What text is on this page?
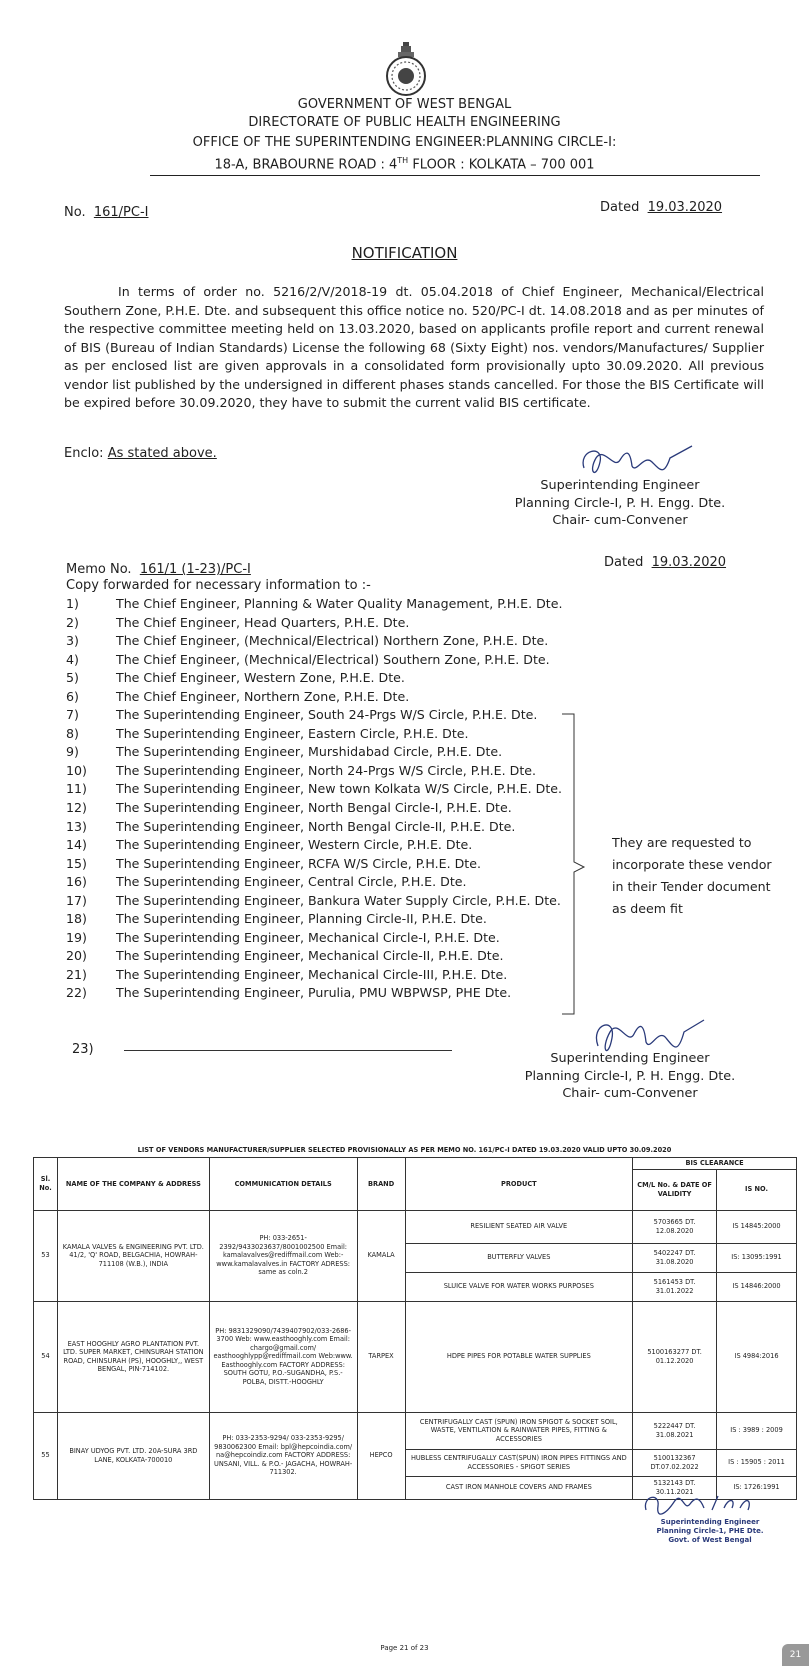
GOVERNMENT OF WEST BENGAL
DIRECTORATE OF PUBLIC HEALTH ENGINEERING
OFFICE OF THE SUPERINTENDING ENGINEER:PLANNING CIRCLE-I:
18-A, BRABOURNE ROAD : 4TH FLOOR : KOLKATA – 700 001
No. 161/PC-I	Dated 19.03.2020
NOTIFICATION
In terms of order no. 5216/2/V/2018-19 dt. 05.04.2018 of Chief Engineer, Mechanical/Electrical Southern Zone, P.H.E. Dte. and subsequent this office notice no. 520/PC-I dt. 14.08.2018 and as per minutes of the respective committee meeting held on 13.03.2020, based on applicants profile report and current renewal of BIS (Bureau of Indian Standards) License the following 68 (Sixty Eight) nos. vendors/Manufactures/ Supplier as per enclosed list are given approvals in a consolidated form provisionally upto 30.09.2020. All previous vendor list published by the undersigned in different phases stands cancelled. For those the BIS Certificate will be expired before 30.09.2020, they have to submit the current valid BIS certificate.
Enclo: As stated above.
Superintending Engineer
Planning Circle-I, P. H. Engg. Dte.
Chair- cum-Convener
Memo No. 161/1 (1-23)/PC-I	Dated 19.03.2020
Copy forwarded for necessary information to :-
1)	The Chief Engineer, Planning & Water Quality Management, P.H.E. Dte.
2)	The Chief Engineer, Head Quarters, P.H.E. Dte.
3)	The Chief Engineer, (Mechnical/Electrical) Northern Zone, P.H.E. Dte.
4)	The Chief Engineer, (Mechnical/Electrical) Southern Zone, P.H.E. Dte.
5)	The Chief Engineer, Western Zone, P.H.E. Dte.
6)	The Chief Engineer, Northern Zone, P.H.E. Dte.
7)	The Superintending Engineer, South 24-Prgs W/S Circle, P.H.E. Dte.
8)	The Superintending Engineer, Eastern Circle, P.H.E. Dte.
9)	The Superintending Engineer, Murshidabad Circle, P.H.E. Dte.
10) The Superintending Engineer, North 24-Prgs W/S Circle, P.H.E. Dte.
11) The Superintending Engineer, New town Kolkata W/S Circle, P.H.E. Dte.
12) The Superintending Engineer, North Bengal Circle-I, P.H.E. Dte.
13) The Superintending Engineer, North Bengal Circle-II, P.H.E. Dte.
14) The Superintending Engineer, Western Circle, P.H.E. Dte.
15) The Superintending Engineer, RCFA W/S Circle, P.H.E. Dte.
16) The Superintending Engineer, Central Circle, P.H.E. Dte.
17) The Superintending Engineer, Bankura Water Supply Circle, P.H.E. Dte.
18) The Superintending Engineer, Planning Circle-II, P.H.E. Dte.
19) The Superintending Engineer, Mechanical Circle-I, P.H.E. Dte.
20) The Superintending Engineer, Mechanical Circle-II, P.H.E. Dte.
21) The Superintending Engineer, Mechanical Circle-III, P.H.E. Dte.
22) The Superintending Engineer, Purulia, PMU WBPWSP, PHE Dte.
They are requested to incorporate these vendor in their Tender document as deem fit
23)
Superintending Engineer
Planning Circle-I, P. H. Engg. Dte.
Chair- cum-Convener
LIST OF VENDORS MANUFACTURER/SUPPLIER SELECTED PROVISIONALLY AS PER MEMO NO. 161/PC-I DATED 19.03.2020 VALID UPTO 30.09.2020
Sl. No.	NAME OF THE COMPANY & ADDRESS	COMMUNICATION DETAILS	BRAND	PRODUCT	BIS CLEARANCE	
					CM/L No. & DATE OF VALIDITY	IS NO.
53	KAMALA VALVES & ENGINEERING PVT. LTD. 41/2, 'Q' ROAD, BELGACHIA, HOWRAH-711108 (W.B.), INDIA	PH: 033-2651-2392/9433023637/8001002500 Email: kamalavalves@rediffmail.com Web:- www.kamalavalves.in FACTORY ADRESS: same as coln.2	KAMALA	RESILIENT SEATED AIR VALVE	5703665 DT. 12.08.2020	IS 14845:2000
				BUTTERFLY VALVES	5402247 DT. 31.08.2020	IS: 13095:1991
				SLUICE VALVE FOR WATER WORKS PURPOSES	5161453 DT. 31.01.2022	IS 14846:2000
54	EAST HOOGHLY AGRO PLANTATION PVT. LTD. SUPER MARKET, CHINSURAH STATION ROAD, CHINSURAH (PS), HOOGHLY,, WEST BENGAL, PIN-714102.	PH: 9831329090/7439407902/033-2686-3700 Web: www.easthooghly.com Email: chargo@gmail.com/ easthooghlypp@rediffmail.com Web:www. Easthooghly.com FACTORY ADDRESS: SOUTH GOTU, P.O.-SUGANDHA, P.S.-POLBA, DISTT.-HOOGHLY	TARPEX	HDPE PIPES FOR POTABLE WATER SUPPLIES	5100163277 DT. 01.12.2020	IS 4984:2016
55	BINAY UDYOG PVT. LTD. 20A-SURA 3RD LANE, KOLKATA-700010	PH: 033-2353-9294/ 033-2353-9295/ 9830062300 Email: bpl@hepcoindia.com/ na@hepcoindiz.com FACTORY ADDRESS: UNSANI, VILL. & P.O.- JAGACHA, HOWRAH-711302.	HEPCO	CENTRIFUGALLY CAST (SPUN) IRON SPIGOT & SOCKET SOIL, WASTE, VENTILATION & RAINWATER PIPES, FITTING & ACCESSORIES	5222447 DT. 31.08.2021	IS : 3989 : 2009
				HUBLESS CENTRIFUGALLY CAST(SPUN) IRON PIPES FITTINGS AND ACCESSORIES - SPIGOT SERIES	5100132367 DT.07.02.2022	IS : 15905 : 2011
				CAST IRON MANHOLE COVERS AND FRAMES	5132143 DT. 30.11.2021	IS: 1726:1991
Superintending Engineer
Planning Circle-1, PHE Dte.
Govt. of West Bengal
Page 21 of 23
21
